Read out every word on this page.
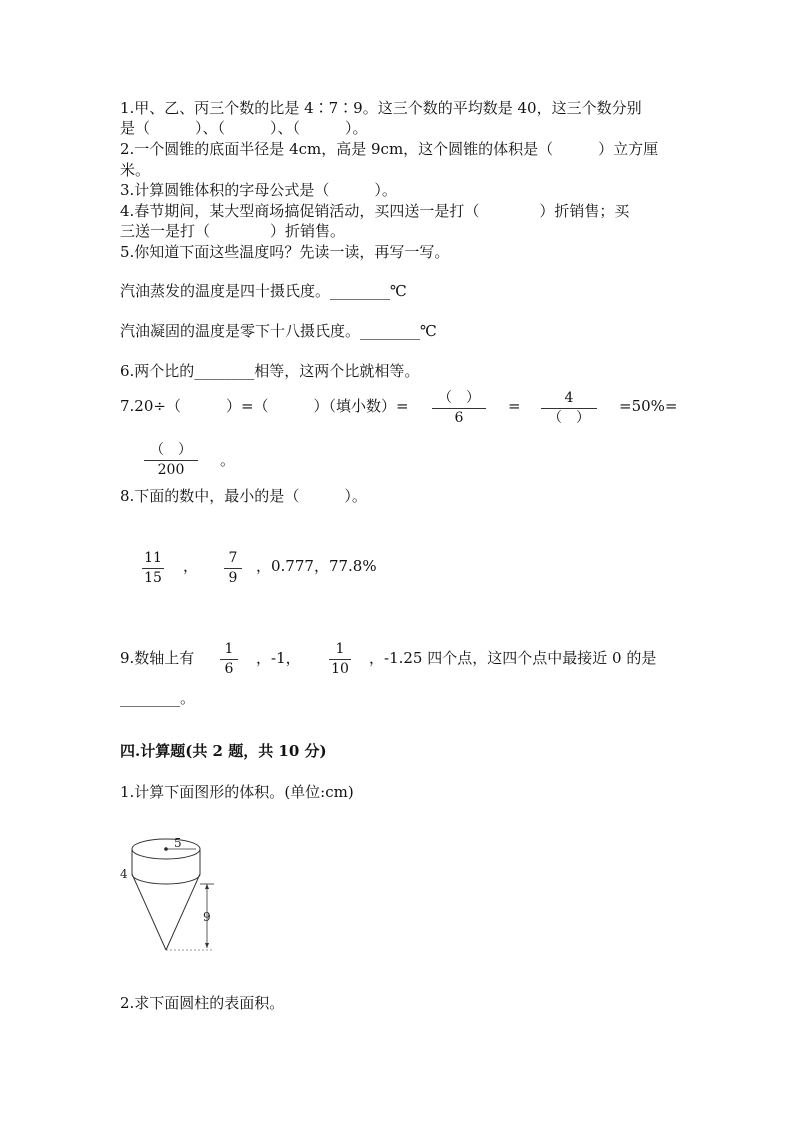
1.甲、乙、丙三个数的比是 4∶7∶9。这三个数的平均数是 40，这三个数分别
是（　　　）、（　　　）、（　　　）。
2.一个圆锥的底面半径是 4cm，高是 9cm，这个圆锥的体积是（　　　）立方厘
米。
3.计算圆锥体积的字母公式是（　　　）。
4.春节期间，某大型商场搞促销活动，买四送一是打（　　　　）折销售；买
三送一是打（　　　　）折销售。
5.你知道下面这些温度吗？先读一读，再写一写。
汽油蒸发的温度是四十摄氏度。________℃
汽油凝固的温度是零下十八摄氏度。________℃
6.两个比的________相等，这两个比就相等。
7.20÷（　　　）=（　　　）（填小数）=	（　）
6
=	4
（　）
=50%=
（　）
200
。
8.下面的数中，最小的是（　　　）。
11
15
，	7
9
，0.777，77.8%
9.数轴上有	1
6
，-1，	1
10
，-1.25 四个点，这四个点中最接近 0 的是
________。
四.计算题(共 2 题，共 10 分)
1.计算下面图形的体积。(单位:cm)
5
4
9
2.求下面圆柱的表面积。
